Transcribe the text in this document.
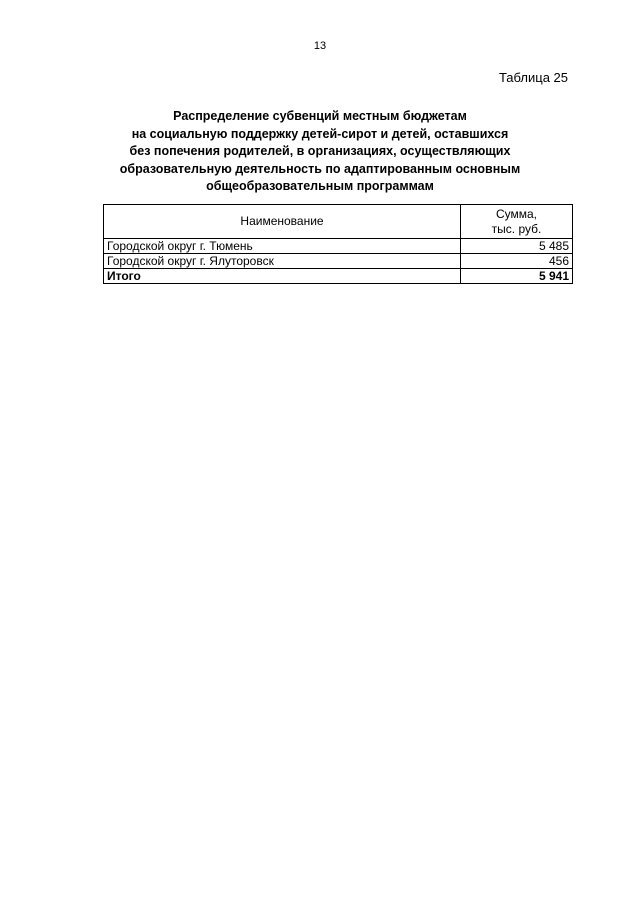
13
Таблица 25
Распределение субвенций местным бюджетам
на социальную поддержку детей-сирот и детей, оставшихся
без попечения родителей, в организациях, осуществляющих
образовательную деятельность по адаптированным основным
общеобразовательным программам
Наименование	Сумма,
тыс. руб.

Городской округ г. Тюмень	5 485
Городской округ г. Ялуторовск	456
Итого	5 941
